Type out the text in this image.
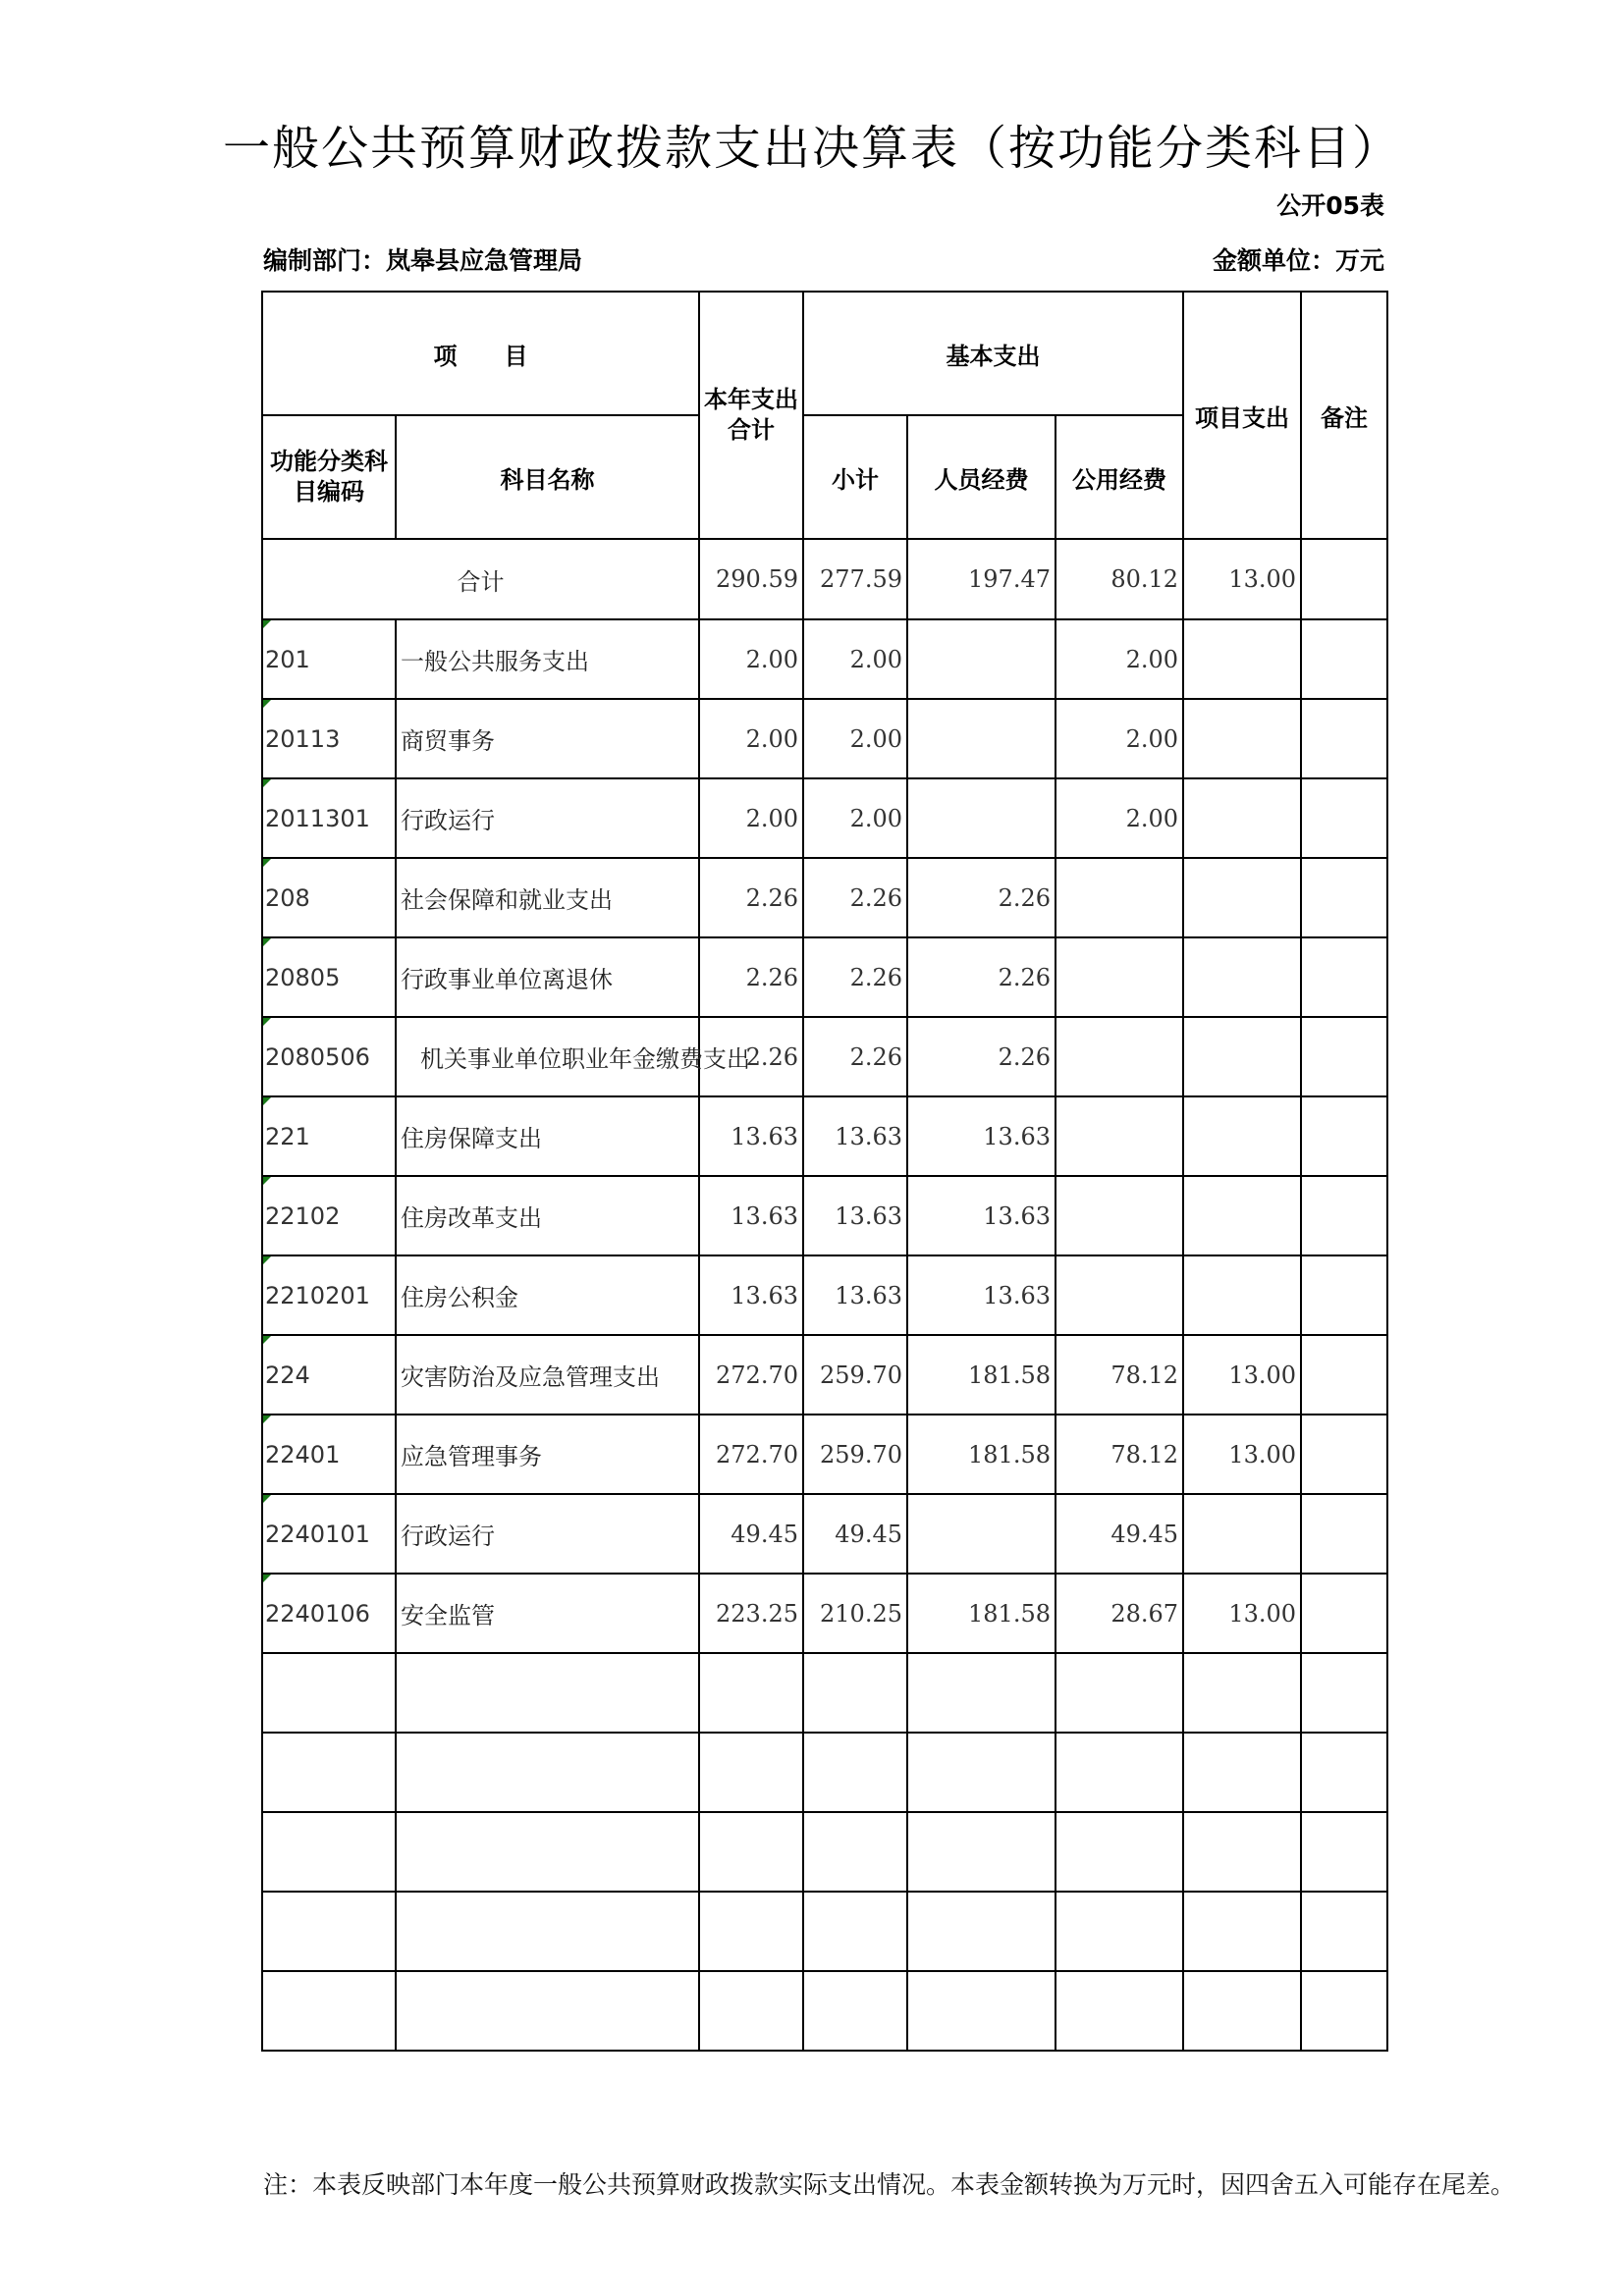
一般公共预算财政拨款支出决算表（按功能分类科目）
公开05表
编制部门：岚皋县应急管理局	金额单位：万元
项　　目		本年支出合计	基本支出			项目支出	备注
功能分类科目编码	科目名称		小计	人员经费	公用经费		
合计		290.59	277.59	197.47	80.12	13.00	
201	一般公共服务支出	2.00	2.00		2.00		
20113	商贸事务	2.00	2.00		2.00		
2011301	行政运行	2.00	2.00		2.00		
208	社会保障和就业支出	2.26	2.26	2.26			
20805	行政事业单位离退休	2.26	2.26	2.26			
2080506	机关事业单位职业年金缴费支出	2.26	2.26	2.26			
221	住房保障支出	13.63	13.63	13.63			
22102	住房改革支出	13.63	13.63	13.63			
2210201	住房公积金	13.63	13.63	13.63			
224	灾害防治及应急管理支出	272.70	259.70	181.58	78.12	13.00	
22401	应急管理事务	272.70	259.70	181.58	78.12	13.00	
2240101	行政运行	49.45	49.45		49.45		
2240106	安全监管	223.25	210.25	181.58	28.67	13.00	

注：本表反映部门本年度一般公共预算财政拨款实际支出情况。本表金额转换为万元时，因四舍五入可能存在尾差。
